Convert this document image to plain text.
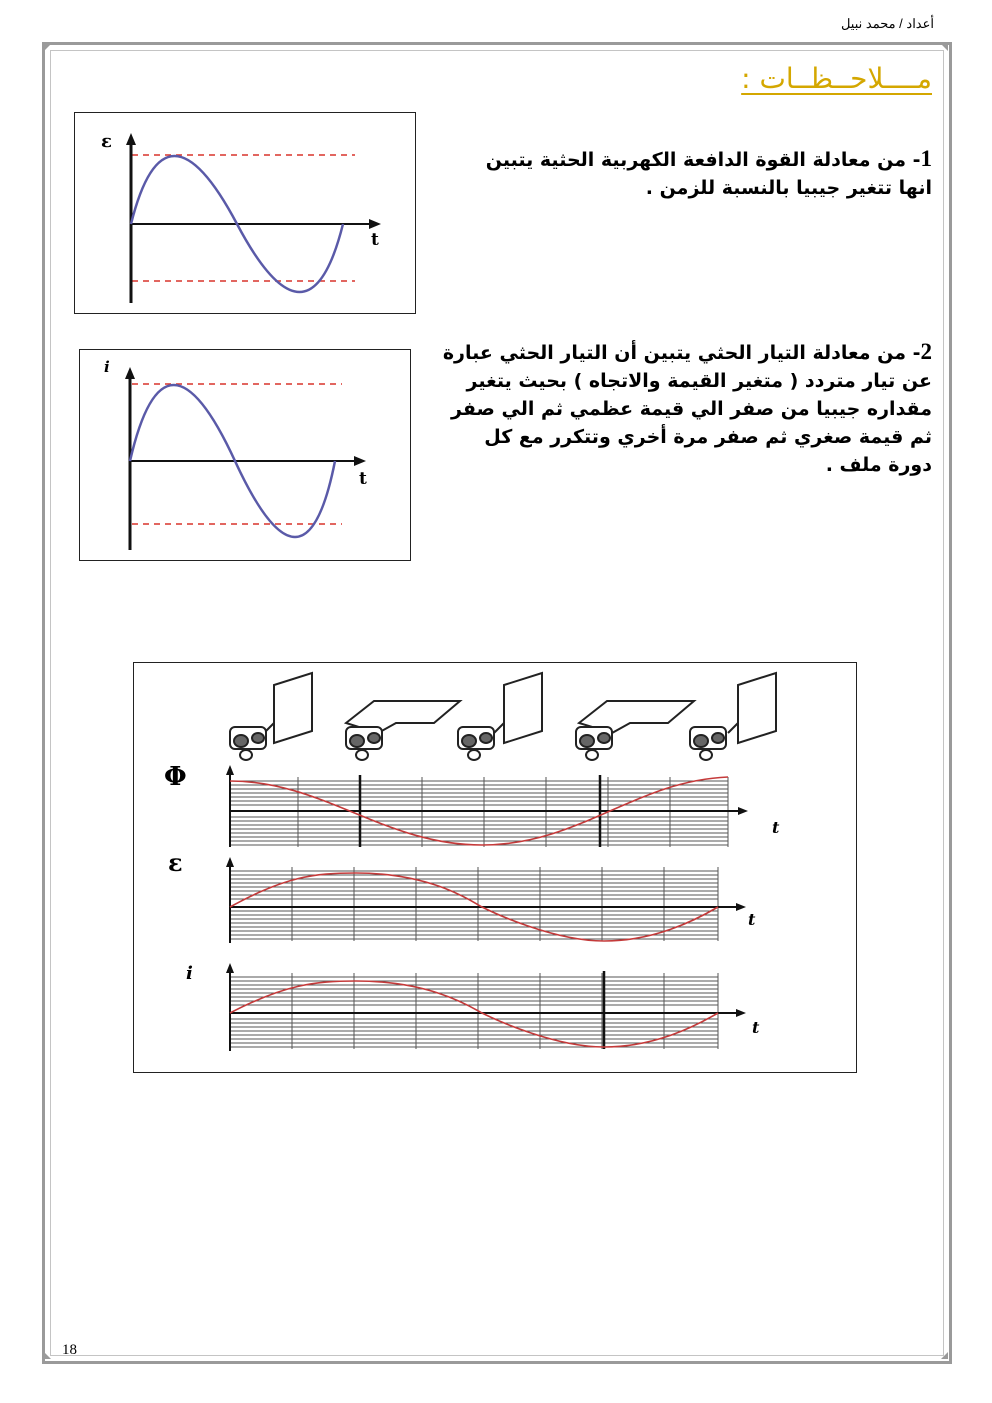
أعداد / محمد نبيل
مــــلاحــظــات :
1- من معادلة القوة الدافعة الكهربية الحثية يتبين انها تتغير جيبيا بالنسبة للزمن .
2- من معادلة التيار الحثي يتبين أن التيار الحثي عبارة عن تيار متردد ( متغير القيمة والاتجاه ) بحيث يتغير مقداره جيبيا من صفر الي قيمة عظمي ثم الي صفر ثم قيمة صغري ثم صفر مرة أخري وتتكرر مع كل دورة ملف .
ε
t
i
t
Φ
t
ε
t
i
t
18
